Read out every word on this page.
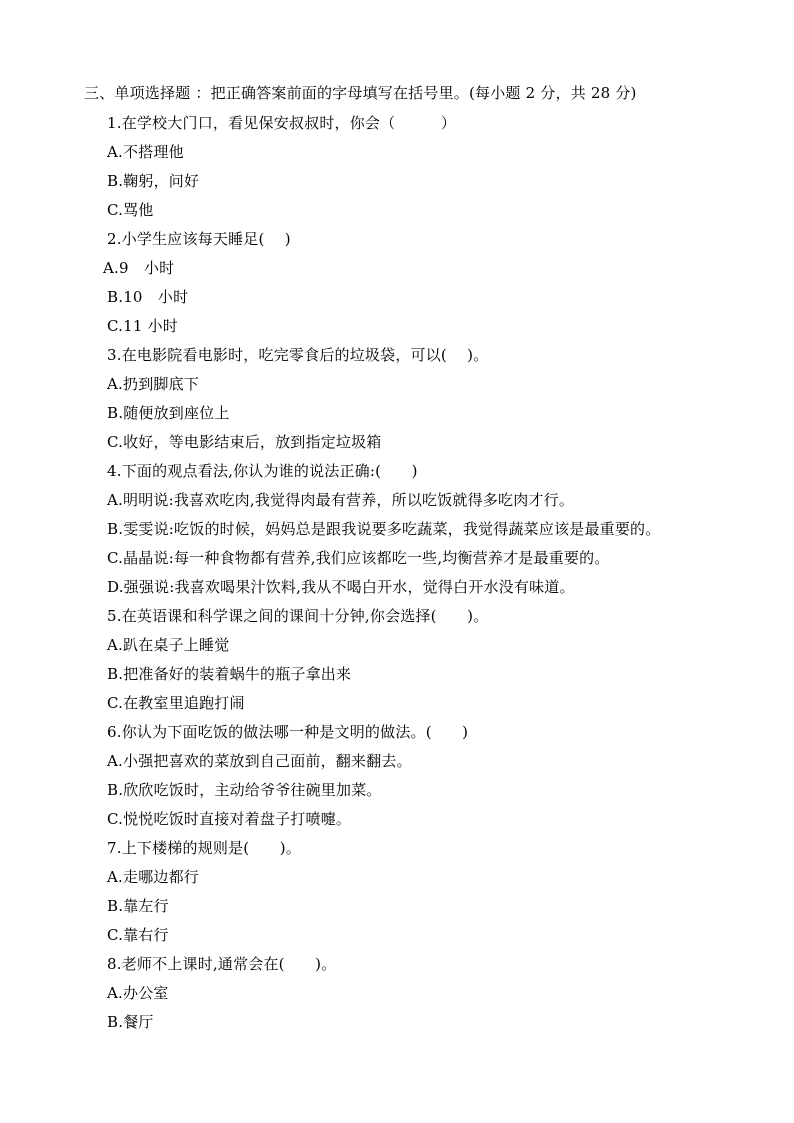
三、单项选择题 ：把正确答案前面的字母填写在括号里。(每小题 2 分，共 28 分)
1.在学校大门口，看见保安叔叔时，你会（　　　）
A.不搭理他
B.鞠躬，问好
C.骂他
2.小学生应该每天睡足(　 )
A.9　小时
B.10　小时
C.11 小时
3.在电影院看电影时，吃完零食后的垃圾袋，可以(　 )。
A.扔到脚底下
B.随便放到座位上
C.收好，等电影结束后，放到指定垃圾箱
4.下面的观点看法,你认为谁的说法正确:(　　)
A.明明说:我喜欢吃肉,我觉得肉最有营养，所以吃饭就得多吃肉才行。
B.雯雯说:吃饭的时候，妈妈总是跟我说要多吃蔬菜，我觉得蔬菜应该是最重要的。
C.晶晶说:每一种食物都有营养,我们应该都吃一些,均衡营养才是最重要的。
D.强强说:我喜欢喝果汁饮料,我从不喝白开水，觉得白开水没有味道。
5.在英语课和科学课之间的课间十分钟,你会选择(　　)。
A.趴在桌子上睡觉
B.把准备好的装着蜗牛的瓶子拿出来
C.在教室里追跑打闹
6.你认为下面吃饭的做法哪一种是文明的做法。(　　)
A.小强把喜欢的菜放到自己面前，翻来翻去。
B.欣欣吃饭时，主动给爷爷往碗里加菜。
C.悦悦吃饭时直接对着盘子打喷嚏。
7.上下楼梯的规则是(　　)。
A.走哪边都行
B.靠左行
C.靠右行
8.老师不上课时,通常会在(　　)。
A.办公室
B.餐厅
